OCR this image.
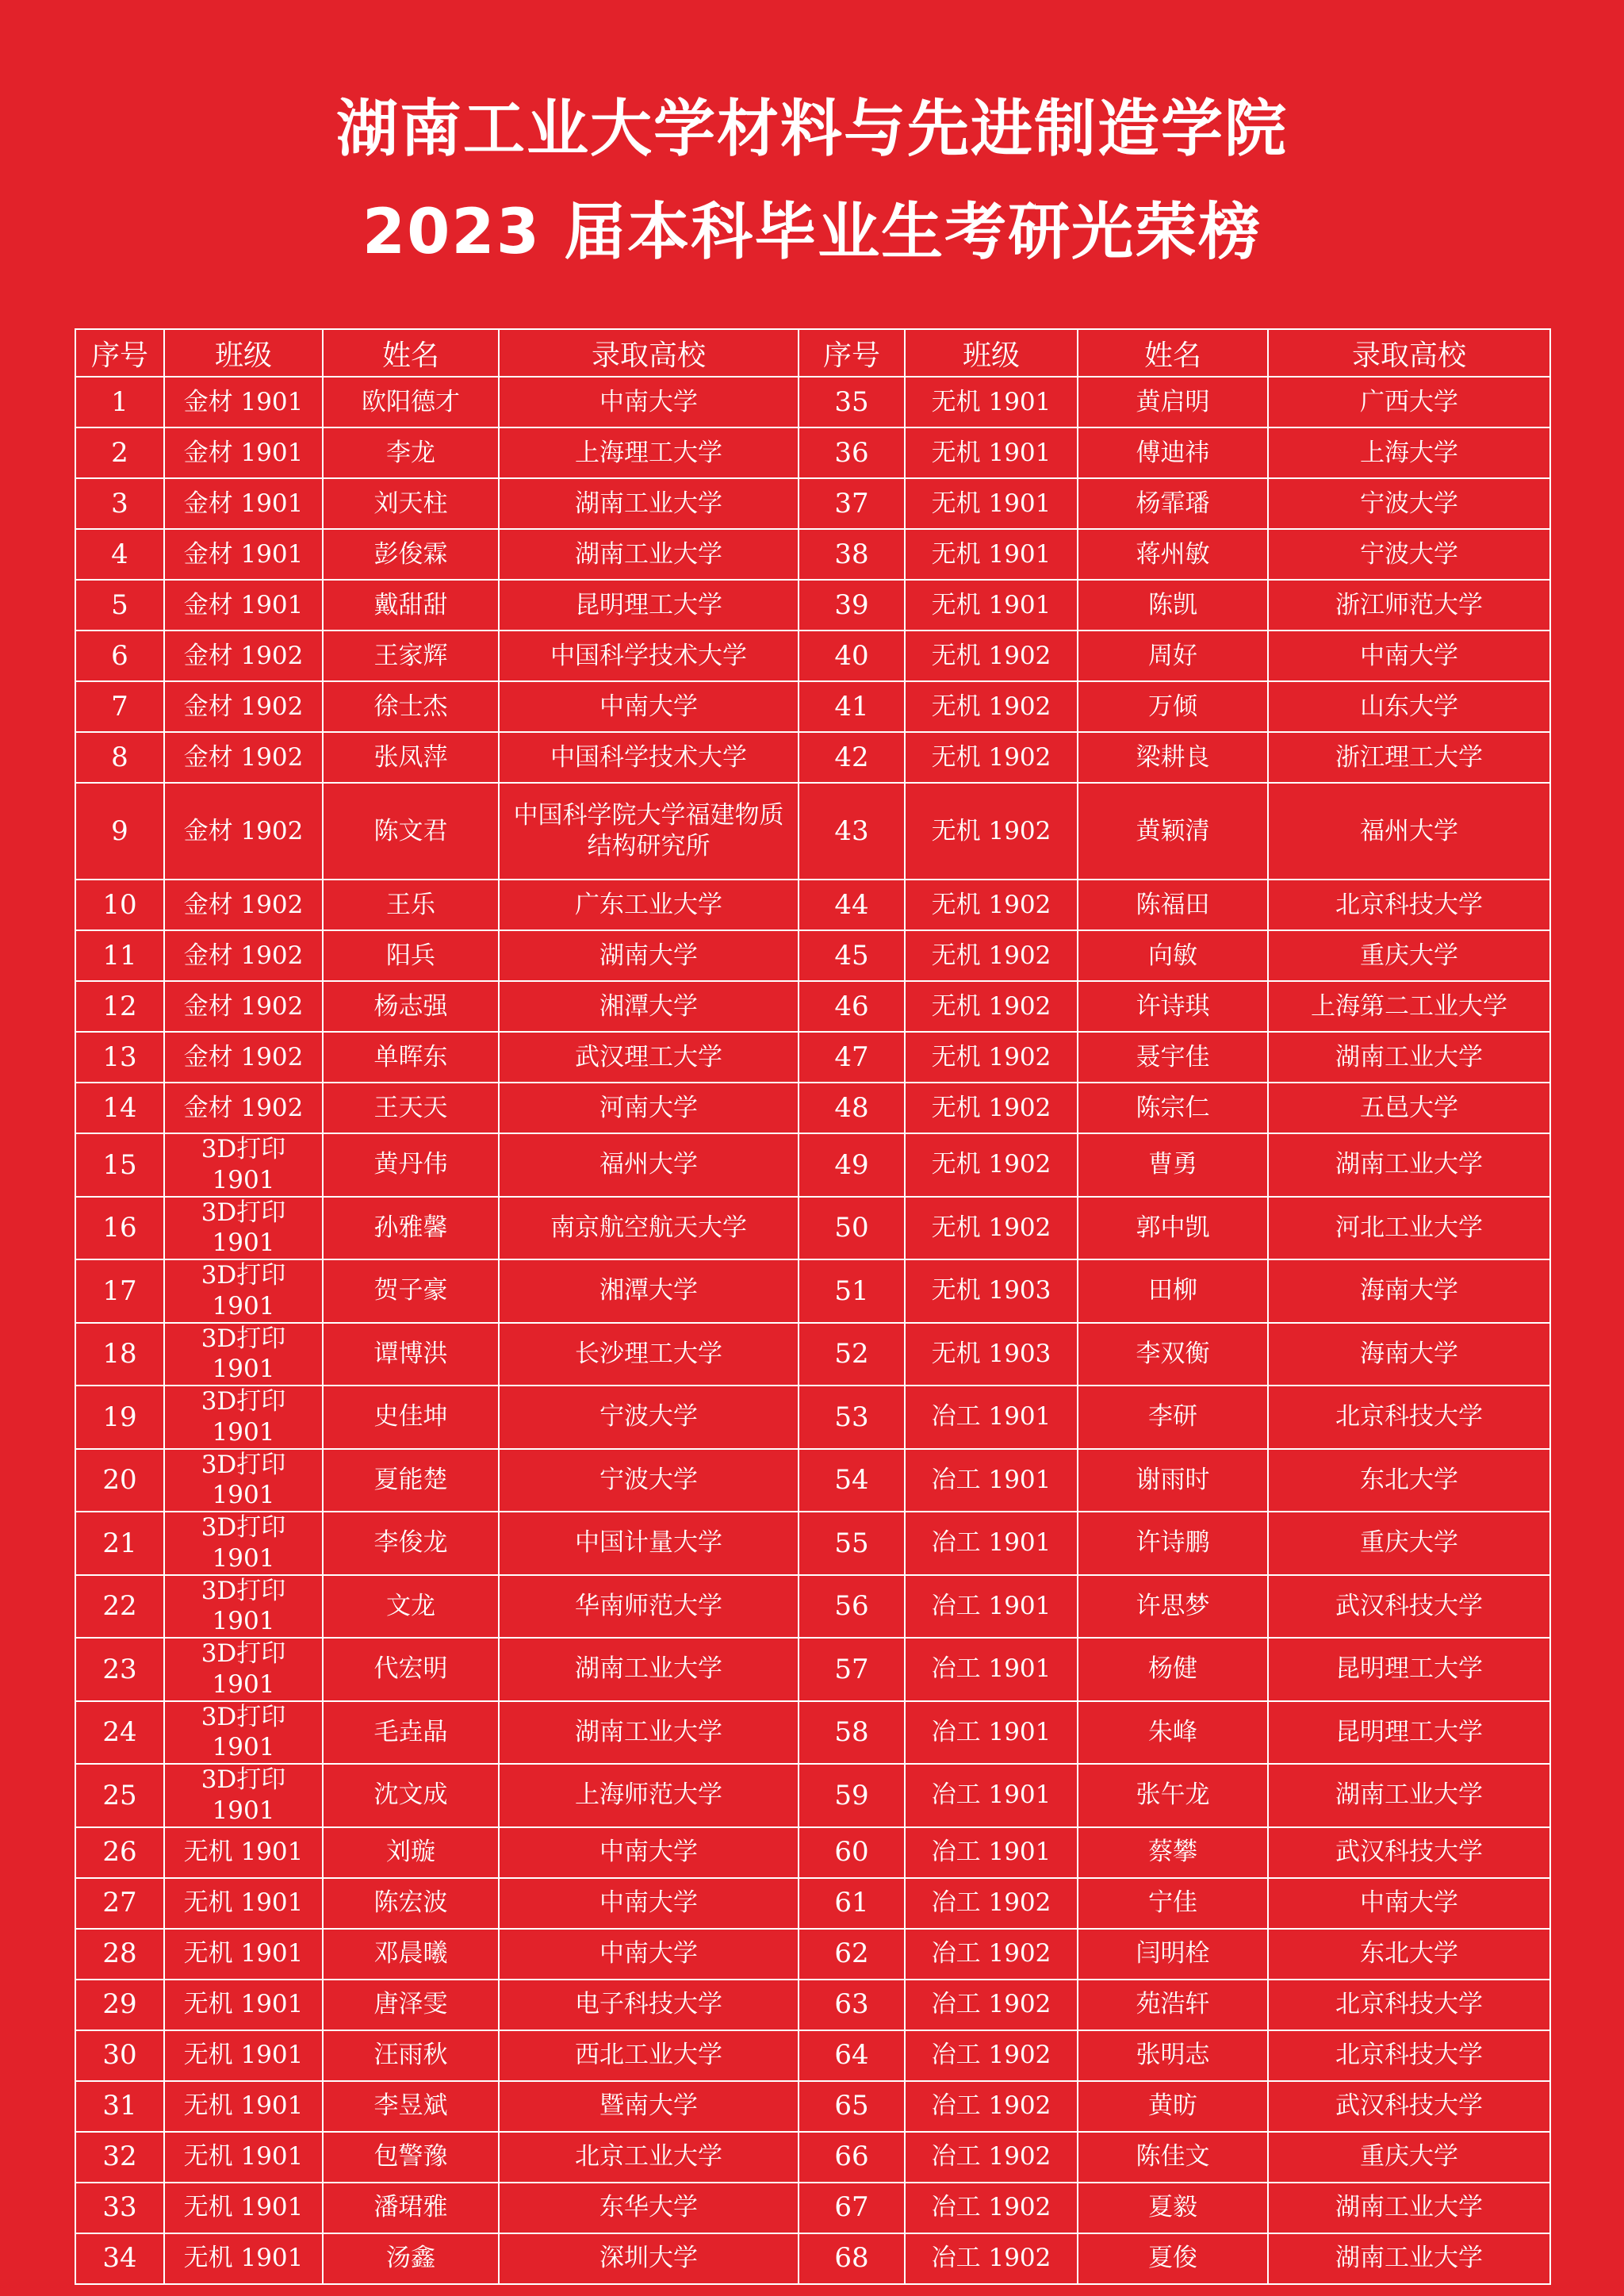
湖南工业大学材料与先进制造学院
2023 届本科毕业生考研光荣榜
序号	班级	姓名	录取高校	序号	班级	姓名	录取高校
1	金材 1901	欧阳德才	中南大学	35	无机 1901	黄启明	广西大学
2	金材 1901	李龙	上海理工大学	36	无机 1901	傅迪祎	上海大学
3	金材 1901	刘天柱	湖南工业大学	37	无机 1901	杨霏璠	宁波大学
4	金材 1901	彭俊霖	湖南工业大学	38	无机 1901	蒋州敏	宁波大学
5	金材 1901	戴甜甜	昆明理工大学	39	无机 1901	陈凯	浙江师范大学
6	金材 1902	王家辉	中国科学技术大学	40	无机 1902	周好	中南大学
7	金材 1902	徐士杰	中南大学	41	无机 1902	万倾	山东大学
8	金材 1902	张凤萍	中国科学技术大学	42	无机 1902	梁耕良	浙江理工大学
9	金材 1902	陈文君	中国科学院大学福建物质结构研究所	43	无机 1902	黄颖清	福州大学
10	金材 1902	王乐	广东工业大学	44	无机 1902	陈福田	北京科技大学
11	金材 1902	阳兵	湖南大学	45	无机 1902	向敏	重庆大学
12	金材 1902	杨志强	湘潭大学	46	无机 1902	许诗琪	上海第二工业大学
13	金材 1902	单晖东	武汉理工大学	47	无机 1902	聂宇佳	湖南工业大学
14	金材 1902	王天天	河南大学	48	无机 1902	陈宗仁	五邑大学
15	3D打印 1901	黄丹伟	福州大学	49	无机 1902	曹勇	湖南工业大学
16	3D打印 1901	孙雅馨	南京航空航天大学	50	无机 1902	郭中凯	河北工业大学
17	3D打印 1901	贺子豪	湘潭大学	51	无机 1903	田柳	海南大学
18	3D打印 1901	谭博洪	长沙理工大学	52	无机 1903	李双衡	海南大学
19	3D打印 1901	史佳坤	宁波大学	53	冶工 1901	李研	北京科技大学
20	3D打印 1901	夏能楚	宁波大学	54	冶工 1901	谢雨时	东北大学
21	3D打印 1901	李俊龙	中国计量大学	55	冶工 1901	许诗鹏	重庆大学
22	3D打印 1901	文龙	华南师范大学	56	冶工 1901	许思梦	武汉科技大学
23	3D打印 1901	代宏明	湖南工业大学	57	冶工 1901	杨健	昆明理工大学
24	3D打印 1901	毛垚晶	湖南工业大学	58	冶工 1901	朱峰	昆明理工大学
25	3D打印 1901	沈文成	上海师范大学	59	冶工 1901	张午龙	湖南工业大学
26	无机 1901	刘璇	中南大学	60	冶工 1901	蔡攀	武汉科技大学
27	无机 1901	陈宏波	中南大学	61	冶工 1902	宁佳	中南大学
28	无机 1901	邓晨曦	中南大学	62	冶工 1902	闫明栓	东北大学
29	无机 1901	唐泽雯	电子科技大学	63	冶工 1902	苑浩轩	北京科技大学
30	无机 1901	汪雨秋	西北工业大学	64	冶工 1902	张明志	北京科技大学
31	无机 1901	李昱斌	暨南大学	65	冶工 1902	黄昉	武汉科技大学
32	无机 1901	包警豫	北京工业大学	66	冶工 1902	陈佳文	重庆大学
33	无机 1901	潘珺雅	东华大学	67	冶工 1902	夏毅	湖南工业大学
34	无机 1901	汤鑫	深圳大学	68	冶工 1902	夏俊	湖南工业大学
